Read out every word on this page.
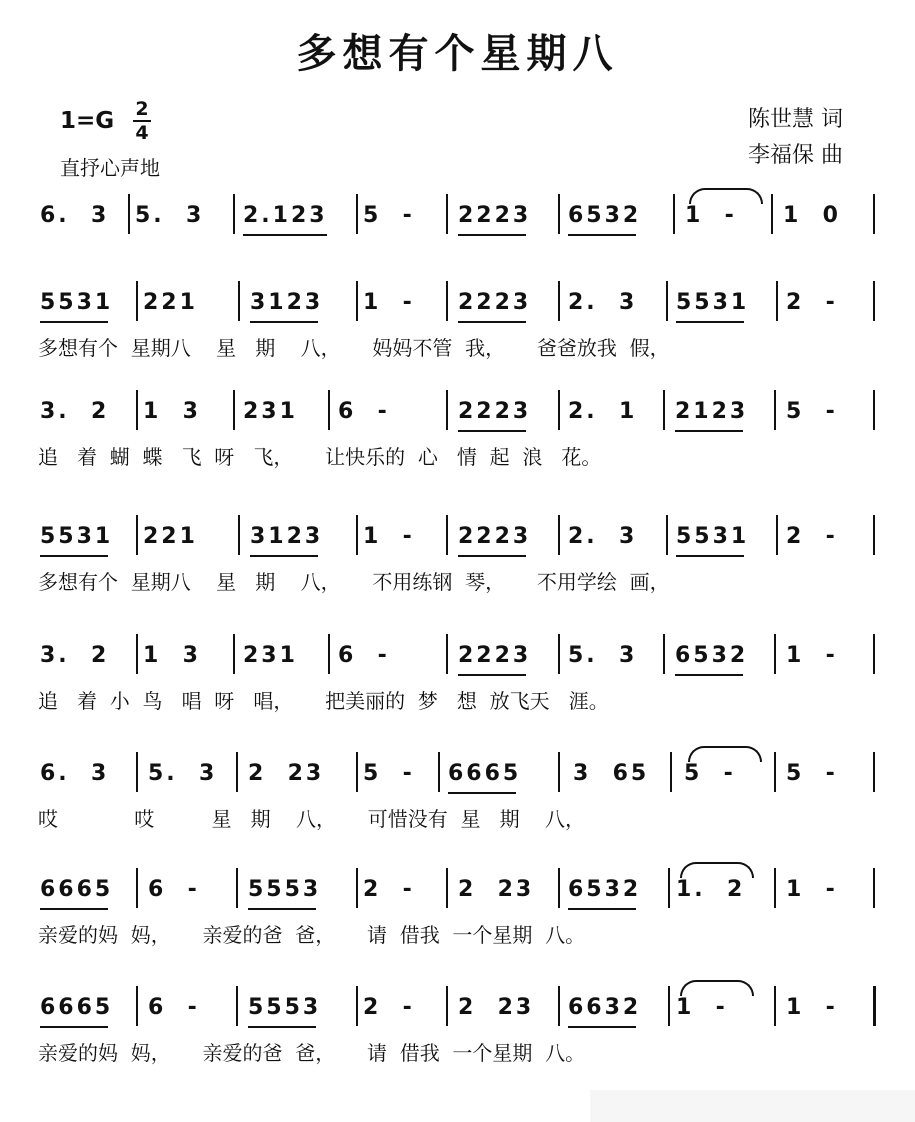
多想有个星期八
1=G 2
4
直抒心声地
陈世慧 词
李福保 曲
6.  3 5.  3 2.123 5  - 2223 6532 1  - 1  0
5531 221 3123 1  - 2223 2.  3 5531 2  -
多想有个  星期八    星   期    八，     妈妈不管  我，     爸爸放我  假，
3.  2 1  3 231 6  -	2223 2.  1 2123 5  -
追   着  蝴  蝶   飞  呀   飞，     让快乐的  心   情  起  浪   花。
5531 221 3123 1  - 2223 2.  3 5531 2  -
多想有个  星期八    星   期    八，     不用练钢  琴，     不用学绘  画，
3.  2 1  3 231 6  -	2223 5.  3 6532 1  -
追   着  小  鸟   唱  呀   唱，     把美丽的  梦   想  放飞天   涯。
6.  3 5.  3 2  23 5  - 6665 3  65 5  - 5  -
哎            哎         星   期    八，     可惜没有  星   期    八，
6665 6  - 5553 2  - 2  23 6532 1.  2 1  -
亲爱的妈  妈，     亲爱的爸  爸，     请  借我  一个星期  八。
6665 6  - 5553 2  - 2  23 6632 1  -	1  -
亲爱的妈  妈，     亲爱的爸  爸，     请  借我  一个星期  八。
